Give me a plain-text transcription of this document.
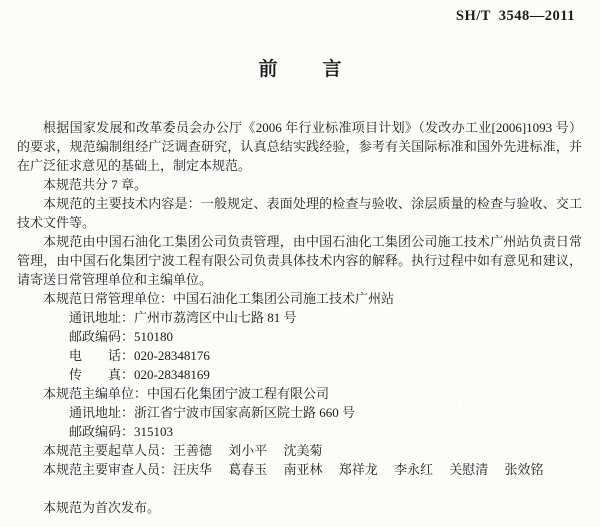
SH/T 3548—2011
前言

根据国家发展和改革委员会办公厅《2006 年行业标准项目计划》（发改办工业[2006]1093 号）的要求，规范编制组经广泛调查研究，认真总结实践经验，参考有关国际标准和国外先进标准，并在广泛征求意见的基础上，制定本规范。

本规范共分 7 章。

本规范的主要技术内容是：一般规定、表面处理的检查与验收、涂层质量的检查与验收、交工技术文件等。

本规范由中国石油化工集团公司负责管理，由中国石油化工集团公司施工技术广州站负责日常管理，由中国石化集团宁波工程有限公司负责具体技术内容的解释。执行过程中如有意见和建议，请寄送日常管理单位和主编单位。

本规范日常管理单位：中国石油化工集团公司施工技术广州站
通讯地址：广州市荔湾区中山七路 81 号
邮政编码：510180
电　　话：020-28348176
传　　真：020-28348169
本规范主编单位：中国石化集团宁波工程有限公司
通讯地址：浙江省宁波市国家高新区院士路 660 号
邮政编码：315103
本规范主要起草人员：王善德　 刘小平　 沈美菊
本规范主要审查人员：汪庆华　 葛春玉　 南亚林　 郑祥龙　 李永红　 关慰清　 张效铭
本规范为首次发布。
